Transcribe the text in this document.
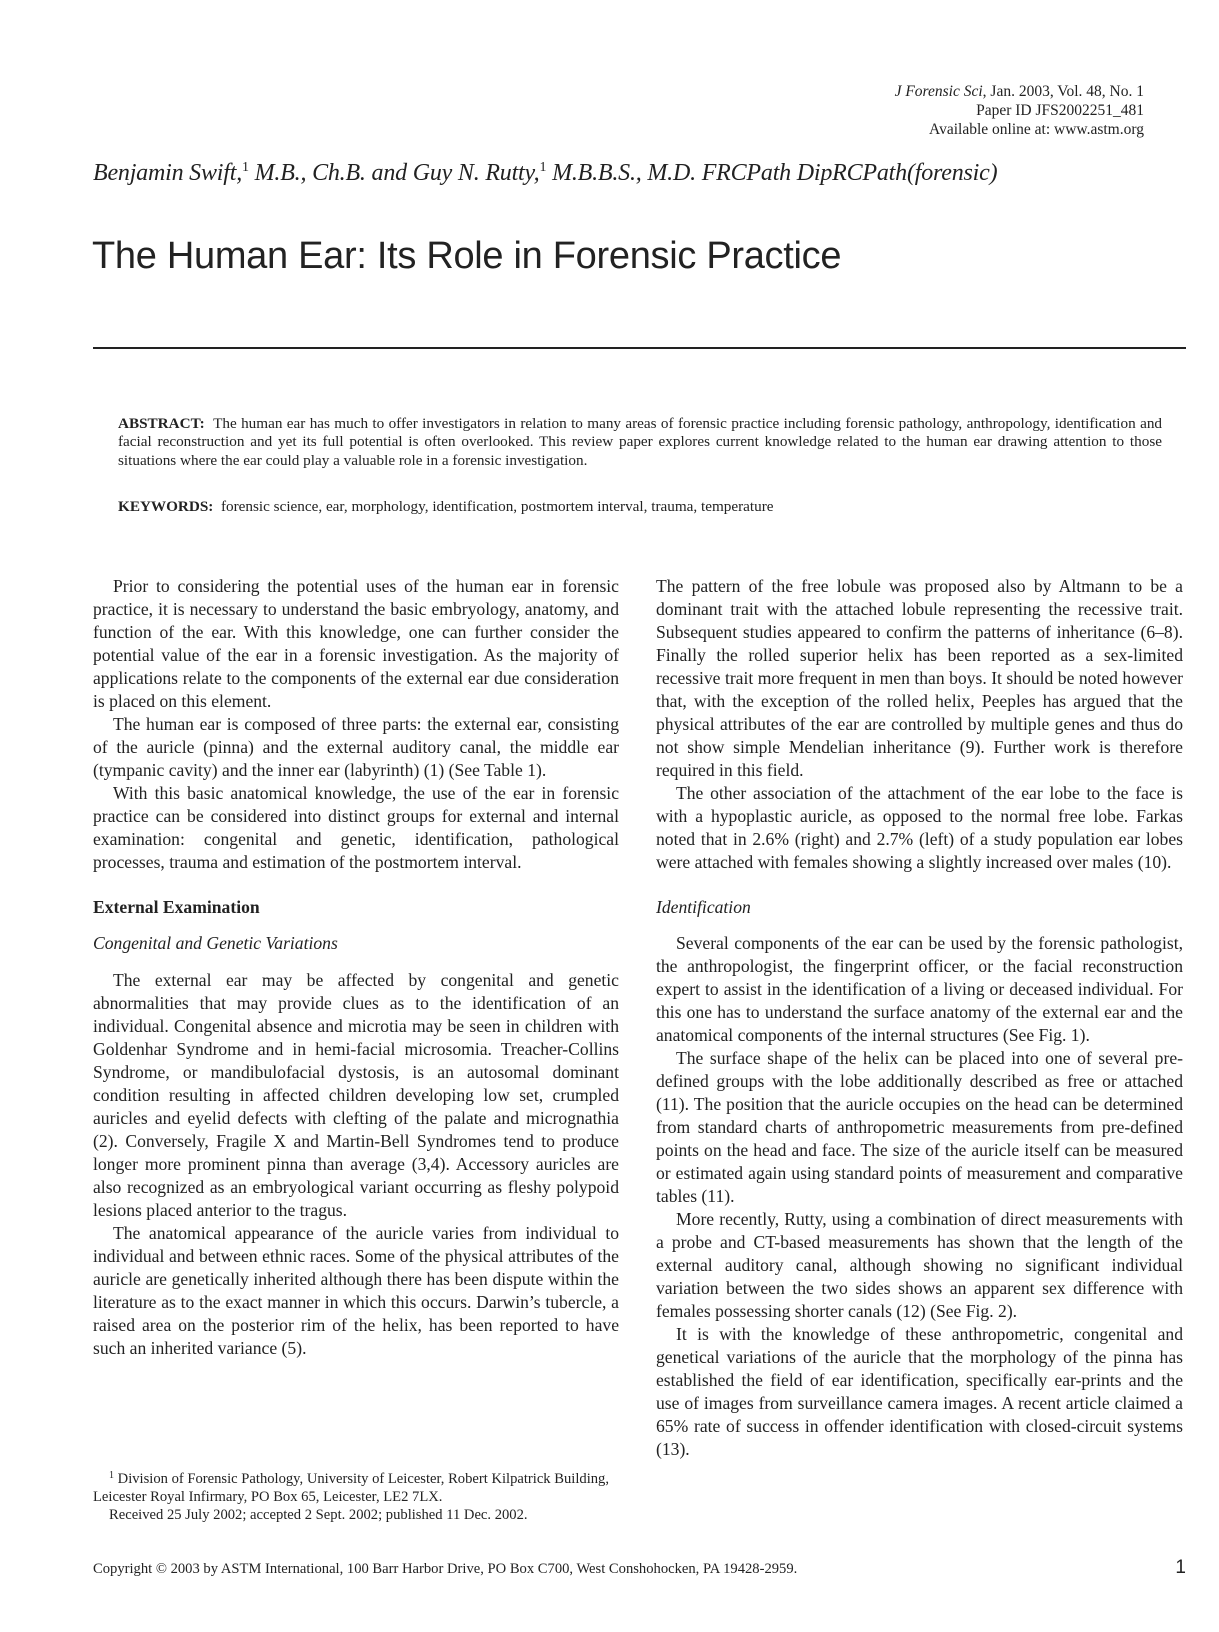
J Forensic Sci, Jan. 2003, Vol. 48, No. 1
Paper ID JFS2002251_481
Available online at: www.astm.org
Benjamin Swift,$^1$ M.B., Ch.B. and Guy N. Rutty,$^1$ M.B.B.S., M.D. FRCPath DipRCPath(forensic)
The Human Ear: Its Role in Forensic Practice
ABSTRACT: The human ear has much to offer investigators in relation to many areas of forensic practice including forensic pathology, anthropology, identification and facial reconstruction and yet its full potential is often overlooked. This review paper explores current knowledge related to the human ear drawing attention to those situations where the ear could play a valuable role in a forensic investigation.
KEYWORDS: forensic science, ear, morphology, identification, postmortem interval, trauma, temperature

Prior to considering the potential uses of the human ear in forensic practice, it is necessary to understand the basic embryology, anatomy, and function of the ear. With this knowledge, one can further consider the potential value of the ear in a forensic investigation. As the majority of applications relate to the components of the external ear due consideration is placed on this element.

The human ear is composed of three parts: the external ear, consisting of the auricle (pinna) and the external auditory canal, the middle ear (tympanic cavity) and the inner ear (labyrinth) (1) (See Table 1).

With this basic anatomical knowledge, the use of the ear in forensic practice can be considered into distinct groups for external and internal examination: congenital and genetic, identification, pathological processes, trauma and estimation of the postmortem interval.

External Examination
Congenital and Genetic Variations

The external ear may be affected by congenital and genetic abnormalities that may provide clues as to the identification of an individual. Congenital absence and microtia may be seen in children with Goldenhar Syndrome and in hemi-facial microsomia. Treacher-Collins Syndrome, or mandibulofacial dystosis, is an autosomal dominant condition resulting in affected children developing low set, crumpled auricles and eyelid defects with clefting of the palate and micrognathia (2). Conversely, Fragile X and Martin-Bell Syndromes tend to produce longer more prominent pinna than average (3,4). Accessory auricles are also recognized as an embryological variant occurring as fleshy polypoid lesions placed anterior to the tragus.

The anatomical appearance of the auricle varies from individual to individual and between ethnic races. Some of the physical attributes of the auricle are genetically inherited although there has been dispute within the literature as to the exact manner in which this occurs. Darwin’s tubercle, a raised area on the posterior rim of the helix, has been reported to have such an inherited variance (5).

$^1$ Division of Forensic Pathology, University of Leicester, Robert Kilpatrick Building, Leicester Royal Infirmary, PO Box 65, Leicester, LE2 7LX.

Received 25 July 2002; accepted 2 Sept. 2002; published 11 Dec. 2002.

The pattern of the free lobule was proposed also by Altmann to be a dominant trait with the attached lobule representing the recessive trait. Subsequent studies appeared to confirm the patterns of inheritance (6–8). Finally the rolled superior helix has been reported as a sex-limited recessive trait more frequent in men than boys. It should be noted however that, with the exception of the rolled helix, Peeples has argued that the physical attributes of the ear are controlled by multiple genes and thus do not show simple Mendelian inheritance (9). Further work is therefore required in this field.

The other association of the attachment of the ear lobe to the face is with a hypoplastic auricle, as opposed to the normal free lobe. Farkas noted that in 2.6% (right) and 2.7% (left) of a study population ear lobes were attached with females showing a slightly increased over males (10).

Identification

Several components of the ear can be used by the forensic pathologist, the anthropologist, the fingerprint officer, or the facial reconstruction expert to assist in the identification of a living or deceased individual. For this one has to understand the surface anatomy of the external ear and the anatomical components of the internal structures (See Fig. 1).

The surface shape of the helix can be placed into one of several pre-defined groups with the lobe additionally described as free or attached (11). The position that the auricle occupies on the head can be determined from standard charts of anthropometric measurements from pre-defined points on the head and face. The size of the auricle itself can be measured or estimated again using standard points of measurement and comparative tables (11).

More recently, Rutty, using a combination of direct measurements with a probe and CT-based measurements has shown that the length of the external auditory canal, although showing no significant individual variation between the two sides shows an apparent sex difference with females possessing shorter canals (12) (See Fig. 2).

It is with the knowledge of these anthropometric, congenital and genetical variations of the auricle that the morphology of the pinna has established the field of ear identification, specifically ear-prints and the use of images from surveillance camera images. A recent article claimed a 65% rate of success in offender identification with closed-circuit systems (13).

Copyright © 2003 by ASTM International, 100 Barr Harbor Drive, PO Box C700, West Conshohocken, PA 19428-2959.	1
